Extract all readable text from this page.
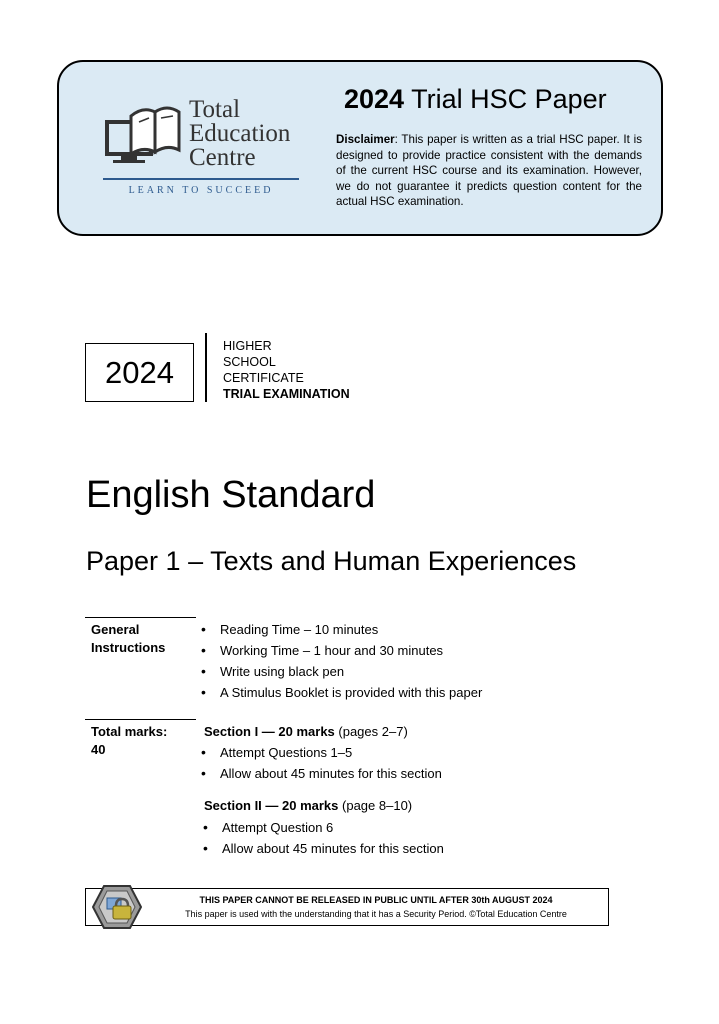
Total
Education
Centre
LEARN TO SUCCEED
2024 Trial HSC Paper
Disclaimer: This paper is written as a trial HSC paper. It is designed to provide practice consistent with the demands of the current HSC course and its examination. However, we do not guarantee it predicts question content for the actual HSC examination.
2024
HIGHER
SCHOOL
CERTIFICATE
TRIAL EXAMINATION
English Standard
Paper 1 – Texts and Human Experiences
General
Instructions
• Reading Time – 10 minutes
• Working Time – 1 hour and 30 minutes
• Write using black pen
• A Stimulus Booklet is provided with this paper
Total marks:
40
Section I — 20 marks (pages 2–7)
• Attempt Questions 1–5
• Allow about 45 minutes for this section
Section II — 20 marks (page 8–10)
• Attempt Question 6
• Allow about 45 minutes for this section
THIS PAPER CANNOT BE RELEASED IN PUBLIC UNTIL AFTER 30th AUGUST 2024
This paper is used with the understanding that it has a Security Period. ©Total Education Centre
